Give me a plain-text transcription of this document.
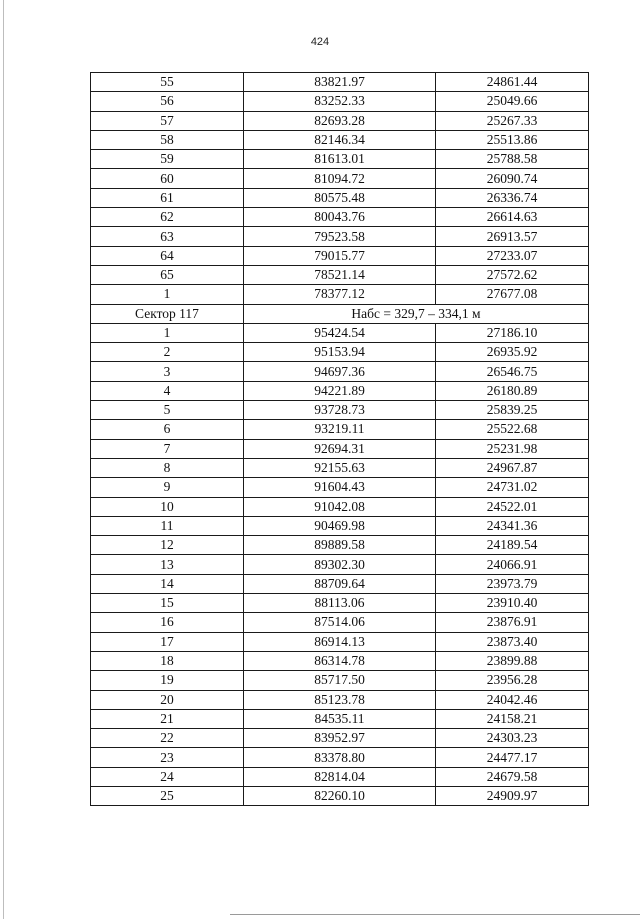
424
55	83821.97	24861.44
56	83252.33	25049.66
57	82693.28	25267.33
58	82146.34	25513.86
59	81613.01	25788.58
60	81094.72	26090.74
61	80575.48	26336.74
62	80043.76	26614.63
63	79523.58	26913.57
64	79015.77	27233.07
65	78521.14	27572.62
1	78377.12	27677.08
Сектор 117	Набс = 329,7 – 334,1 м	
1	95424.54	27186.10
2	95153.94	26935.92
3	94697.36	26546.75
4	94221.89	26180.89
5	93728.73	25839.25
6	93219.11	25522.68
7	92694.31	25231.98
8	92155.63	24967.87
9	91604.43	24731.02
10	91042.08	24522.01
11	90469.98	24341.36
12	89889.58	24189.54
13	89302.30	24066.91
14	88709.64	23973.79
15	88113.06	23910.40
16	87514.06	23876.91
17	86914.13	23873.40
18	86314.78	23899.88
19	85717.50	23956.28
20	85123.78	24042.46
21	84535.11	24158.21
22	83952.97	24303.23
23	83378.80	24477.17
24	82814.04	24679.58
25	82260.10	24909.97
